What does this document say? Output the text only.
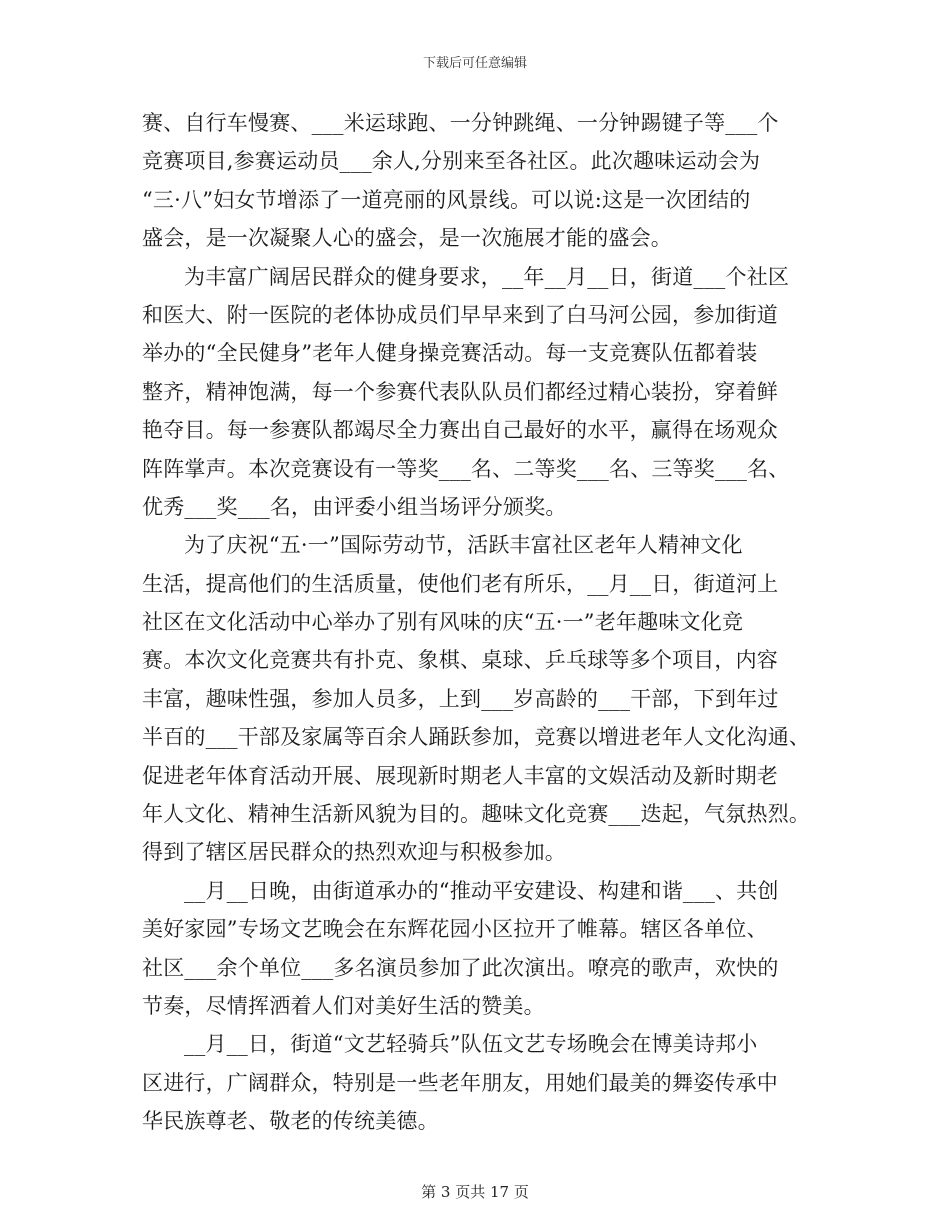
下载后可任意编辑
赛、自行车慢赛、___米运球跑、一分钟跳绳、一分钟踢键子等___个
竞赛项目,参赛运动员___余人,分别来至各社区。此次趣味运动会为
“三·八”妇女节增添了一道亮丽的风景线。可以说:这是一次团结的
盛会，是一次凝聚人心的盛会，是一次施展才能的盛会。
为丰富广阔居民群众的健身要求，__年__月__日，街道___个社区
和医大、附一医院的老体协成员们早早来到了白马河公园，参加街道
举办的“全民健身”老年人健身操竞赛活动。每一支竞赛队伍都着装
整齐，精神饱满，每一个参赛代表队队员们都经过精心装扮，穿着鲜
艳夺目。每一参赛队都竭尽全力赛出自己最好的水平，赢得在场观众
阵阵掌声。本次竞赛设有一等奖___名、二等奖___名、三等奖___名、
优秀___奖___名，由评委小组当场评分颁奖。
为了庆祝“五·一”国际劳动节，活跃丰富社区老年人精神文化
生活，提高他们的生活质量，使他们老有所乐，__月__日，街道河上
社区在文化活动中心举办了别有风味的庆“五·一”老年趣味文化竞
赛。本次文化竞赛共有扑克、象棋、桌球、乒乓球等多个项目，内容
丰富，趣味性强，参加人员多，上到___岁高龄的___干部，下到年过
半百的___干部及家属等百余人踊跃参加，竞赛以增进老年人文化沟通、
促进老年体育活动开展、展现新时期老人丰富的文娱活动及新时期老
年人文化、精神生活新风貌为目的。趣味文化竞赛___迭起，气氛热烈。
得到了辖区居民群众的热烈欢迎与积极参加。
__月__日晚，由街道承办的“推动平安建设、构建和谐___、共创
美好家园”专场文艺晚会在东辉花园小区拉开了帷幕。辖区各单位、
社区___余个单位___多名演员参加了此次演出。嘹亮的歌声，欢快的
节奏，尽情挥洒着人们对美好生活的赞美。
__月__日，街道“文艺轻骑兵”队伍文艺专场晚会在博美诗邦小
区进行，广阔群众，特别是一些老年朋友，用她们最美的舞姿传承中
华民族尊老、敬老的传统美德。
第 3 页共 17 页
